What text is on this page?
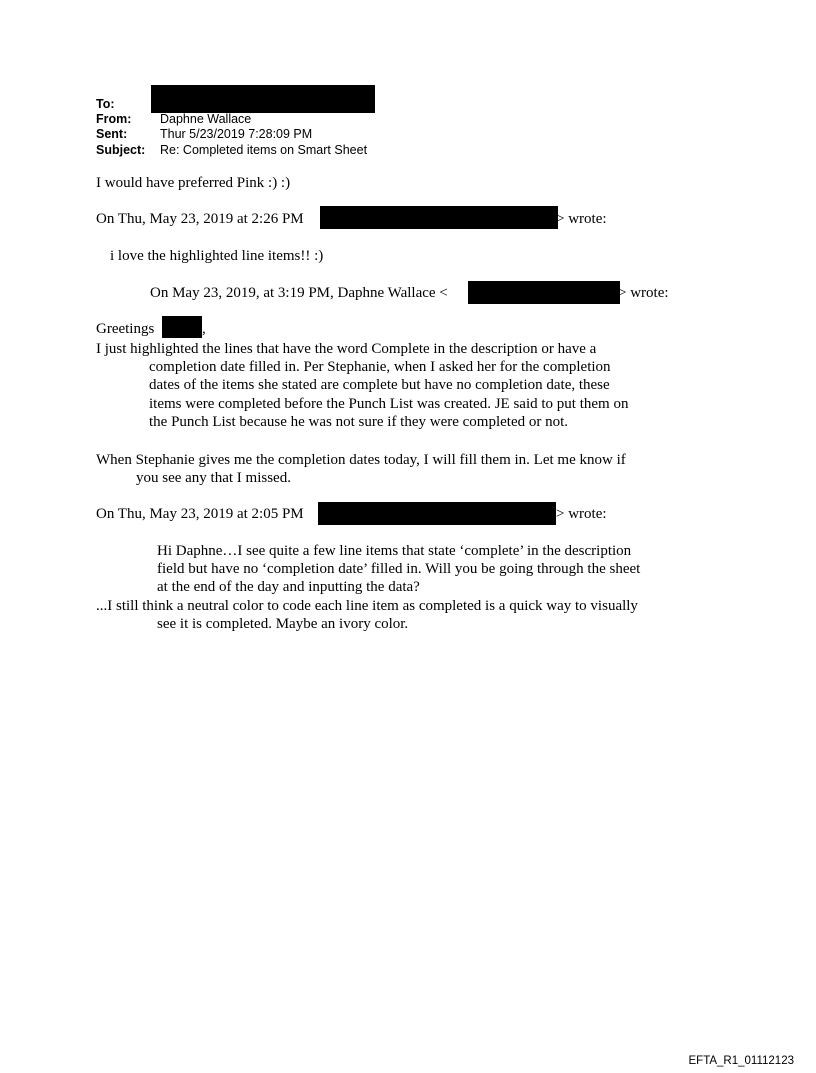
To:
From: Daphne Wallace
Sent:	Thur 5/23/2019 7:28:09 PM
Subject: Re: Completed items on Smart Sheet
I would have preferred Pink :) :)
On Thu, May 23, 2019 at 2:26 PM	> wrote:
i love the highlighted line items!! :)
On May 23, 2019, at 3:19 PM, Daphne Wallace <	> wrote:
Greetings	,
I just highlighted the lines that have the word Complete in the description or have a
completion date filled in. Per Stephanie, when I asked her for the completion
dates of the items she stated are complete but have no completion date, these
items were completed before the Punch List was created. JE said to put them on
the Punch List because he was not sure if they were completed or not.
When Stephanie gives me the completion dates today, I will fill them in. Let me know if
you see any that I missed.
On Thu, May 23, 2019 at 2:05 PM	> wrote:
Hi Daphne…I see quite a few line items that state ‘complete’ in the description
field but have no ‘completion date’ filled in. Will you be going through the sheet
at the end of the day and inputting the data?
...I still think a neutral color to code each line item as completed is a quick way to visually
see it is completed. Maybe an ivory color.
EFTA_R1_01112123
